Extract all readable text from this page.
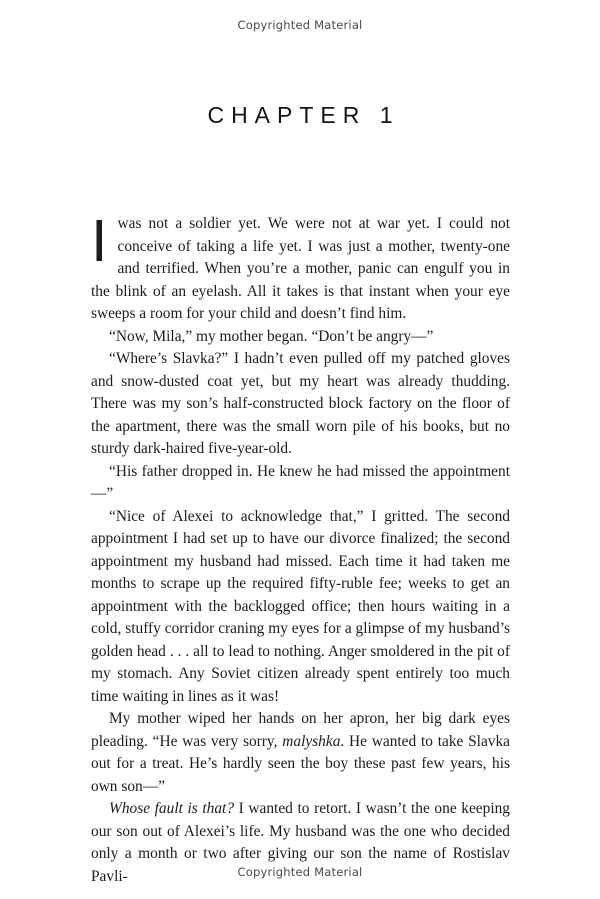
Copyrighted Material
CHAPTER 1

Iwas not a soldier yet. We were not at war yet. I could not conceive of taking a life yet. I was just a mother, twenty-one and terrified. When you’re a mother, panic can engulf you in the blink of an eyelash. All it takes is that instant when your eye sweeps a room for your child and doesn’t find him.

“Now, Mila,” my mother began. “Don’t be angry—”

“Where’s Slavka?” I hadn’t even pulled off my patched gloves and snow-dusted coat yet, but my heart was already thudding. There was my son’s half-constructed block factory on the floor of the apartment, there was the small worn pile of his books, but no sturdy dark-haired five-year-old.

“His father dropped in. He knew he had missed the appointment—”

“Nice of Alexei to acknowledge that,” I gritted. The second appointment I had set up to have our divorce finalized; the second appointment my husband had missed. Each time it had taken me months to scrape up the required fifty-ruble fee; weeks to get an appointment with the backlogged office; then hours waiting in a cold, stuffy corridor craning my eyes for a glimpse of my husband’s golden head . . . all to lead to nothing. Anger smoldered in the pit of my stomach. Any Soviet citizen already spent entirely too much time waiting in lines as it was!

My mother wiped her hands on her apron, her big dark eyes pleading. “He was very sorry, malyshka. He wanted to take Slavka out for a treat. He’s hardly seen the boy these past few years, his own son—”

Whose fault is that? I wanted to retort. I wasn’t the one keeping our son out of Alexei’s life. My husband was the one who decided only a month or two after giving our son the name of Rostislav Pavli-	Copyrighted Material
